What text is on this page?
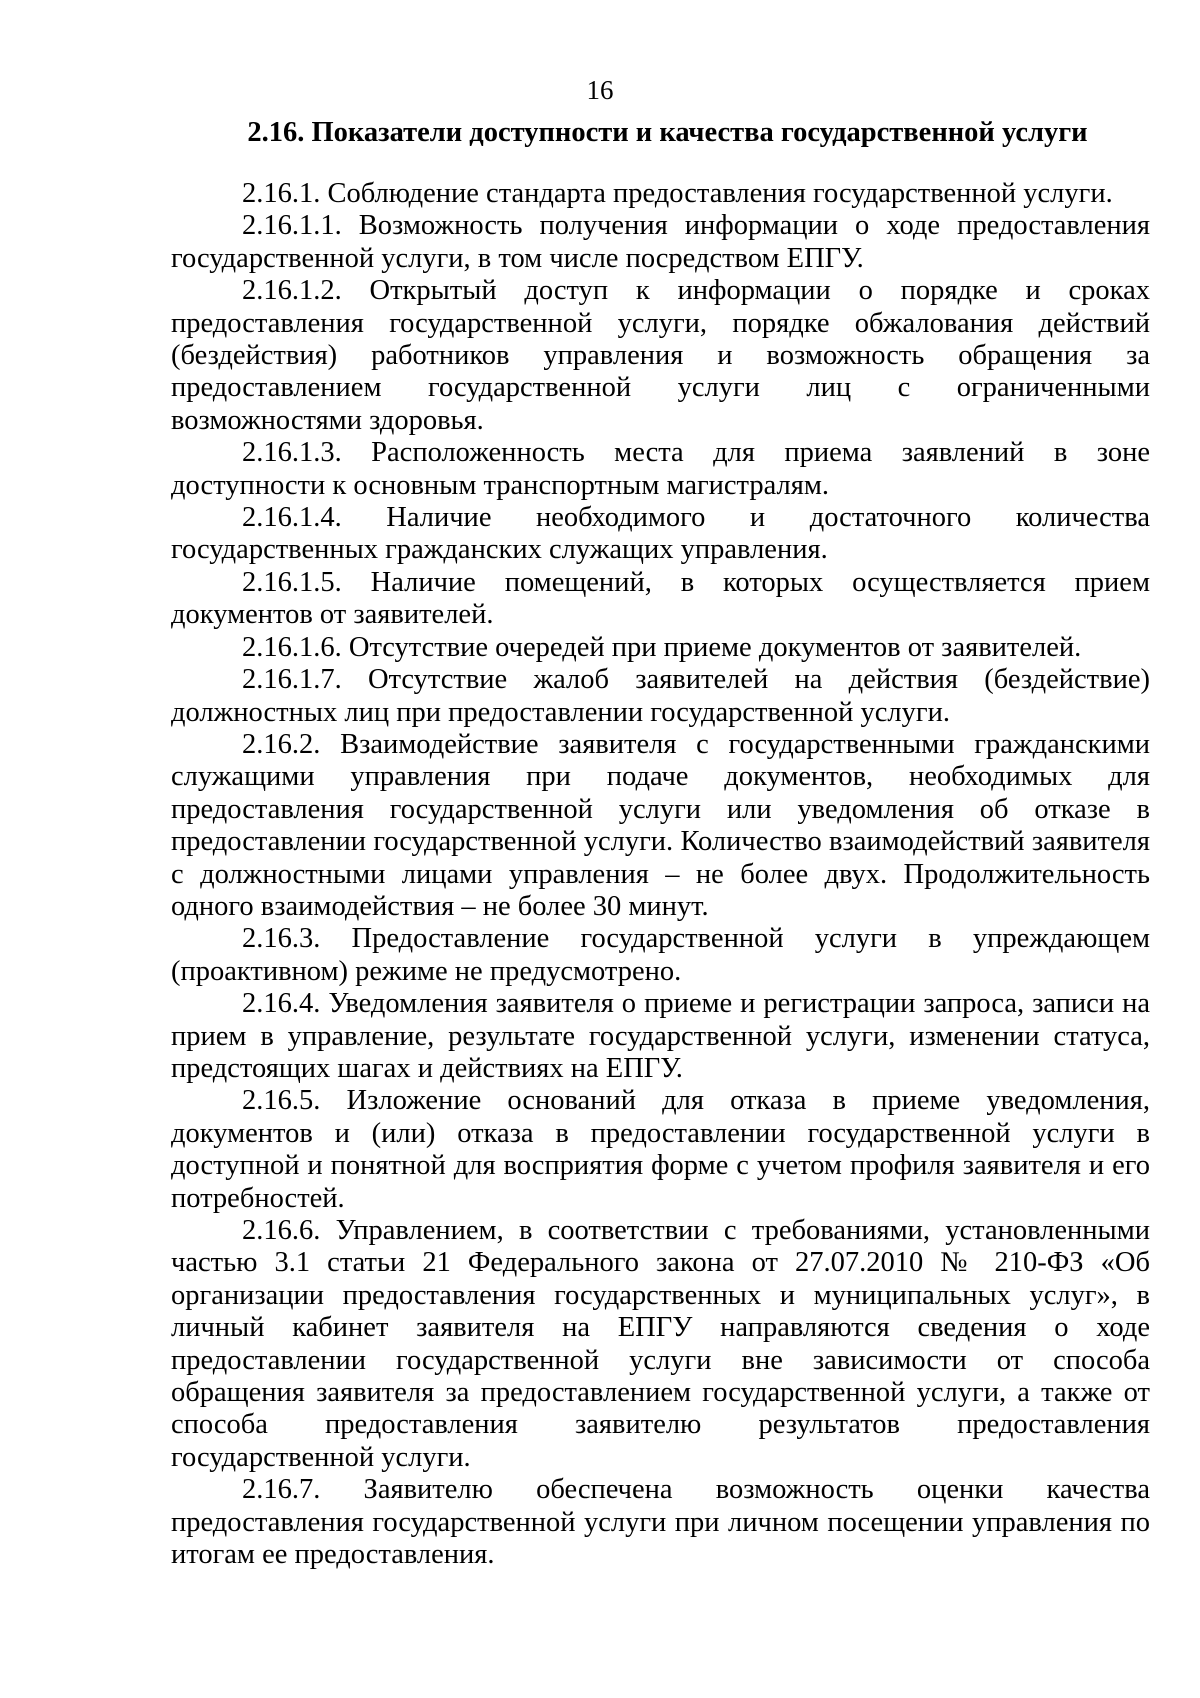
16
2.16. Показатели доступности и качества государственной услуги

2.16.1. Соблюдение стандарта предоставления государственной услуги.

2.16.1.1. Возможность получения информации о ходе предоставления государственной услуги, в том числе посредством ЕПГУ.

2.16.1.2. Открытый доступ к информации о порядке и сроках предоставления государственной услуги, порядке обжалования действий (бездействия) работников управления и возможность обращения за предоставлением государственной услуги лиц с ограниченными возможностями здоровья.

2.16.1.3. Расположенность места для приема заявлений в зоне доступности к основным транспортным магистралям.

2.16.1.4. Наличие необходимого и достаточного количества государственных гражданских служащих управления.

2.16.1.5. Наличие помещений, в которых осуществляется прием документов от заявителей.

2.16.1.6. Отсутствие очередей при приеме документов от заявителей.

2.16.1.7. Отсутствие жалоб заявителей на действия (бездействие) должностных лиц при предоставлении государственной услуги.

2.16.2. Взаимодействие заявителя с государственными гражданскими служащими управления при подаче документов, необходимых для предоставления государственной услуги или уведомления об отказе в предоставлении государственной услуги. Количество взаимодействий заявителя с должностными лицами управления – не более двух. Продолжительность одного взаимодействия – не более 30 минут.

2.16.3. Предоставление государственной услуги в упреждающем (проактивном) режиме не предусмотрено.

2.16.4. Уведомления заявителя о приеме и регистрации запроса, записи на прием в управление, результате государственной услуги, изменении статуса, предстоящих шагах и действиях на ЕПГУ.

2.16.5. Изложение оснований для отказа в приеме уведомления, документов и (или) отказа в предоставлении государственной услуги в доступной и понятной для восприятия форме с учетом профиля заявителя и его потребностей.

2.16.6. Управлением, в соответствии с требованиями, установленными частью 3.1 статьи 21 Федерального закона от 27.07.2010 № 210-ФЗ «Об организации предоставления государственных и муниципальных услуг», в личный кабинет заявителя на ЕПГУ направляются сведения о ходе предоставлении государственной услуги вне зависимости от способа обращения заявителя за предоставлением государственной услуги, а также от способа предоставления заявителю результатов предоставления государственной услуги.

2.16.7. Заявителю обеспечена возможность оценки качества предоставления государственной услуги при личном посещении управления по итогам ее предоставления.
